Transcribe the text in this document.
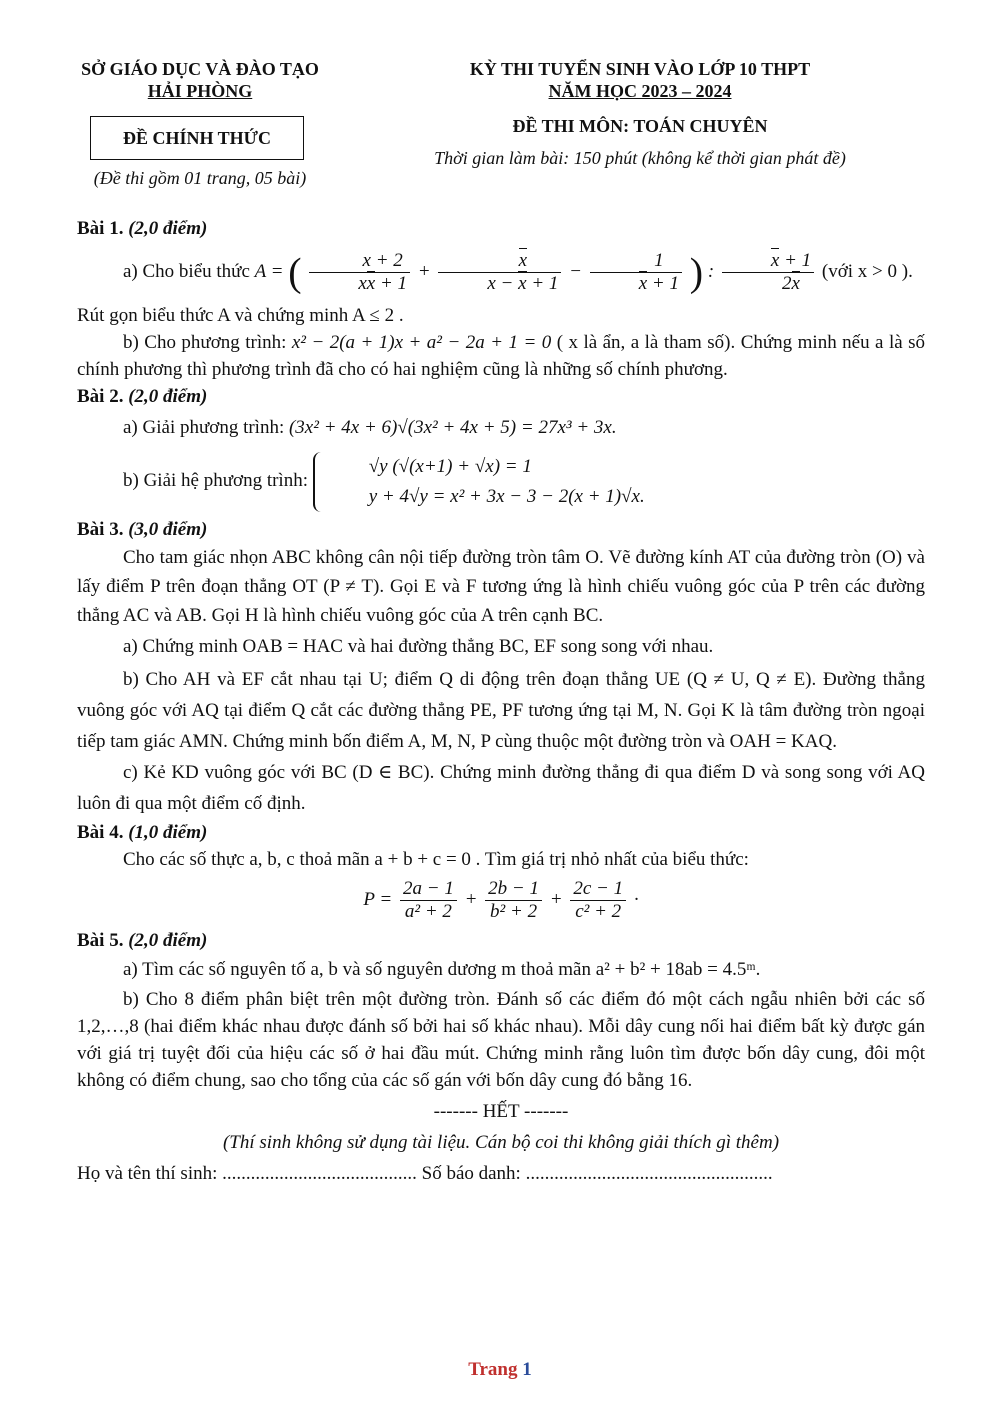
SỞ GIÁO DỤC VÀ ĐÀO TẠO
HẢI PHÒNG
KỲ THI TUYỂN SINH VÀO LỚP 10 THPT
NĂM HỌC 2023 – 2024
ĐỀ CHÍNH THỨC
(Đề thi gồm 01 trang, 05 bài)
ĐỀ THI MÔN: TOÁN CHUYÊN
Thời gian làm bài: 150 phút (không kể thời gian phát đề)

Bài 1. (2,0 điểm)

a) Cho biểu thức A = ( $\frac{x + 2}{xx + 1} + \frac{x}{x - x + 1} - \frac{1}{x + 1}$ ) : $\frac{x + 1}{2x}$ (với x > 0 ).

Rút gọn biểu thức A và chứng minh A ≤ 2 .

b) Cho phương trình: x² − 2(a + 1)x + a² − 2a + 1 = 0 ( x là ẩn, a là tham số). Chứng minh nếu a là số chính phương thì phương trình đã cho có hai nghiệm cũng là những số chính phương.

Bài 2. (2,0 điểm)

a) Giải phương trình: (3x² + 4x + 6)√(3x² + 4x + 5) = 27x³ + 3x.

b) Giải hệ phương trình:
√y (√(x+1) + √x) = 1
y + 4√y = x² + 3x − 3 − 2(x + 1)√x.

Bài 3. (3,0 điểm)

Cho tam giác nhọn ABC không cân nội tiếp đường tròn tâm O. Vẽ đường kính AT của đường tròn (O) và lấy điểm P trên đoạn thẳng OT (P ≠ T). Gọi E và F tương ứng là hình chiếu vuông góc của P trên các đường thẳng AC và AB. Gọi H là hình chiếu vuông góc của A trên cạnh BC.

a) Chứng minh OAB = HAC và hai đường thẳng BC, EF song song với nhau.

b) Cho AH và EF cắt nhau tại U; điểm Q di động trên đoạn thẳng UE (Q ≠ U, Q ≠ E). Đường thẳng vuông góc với AQ tại điểm Q cắt các đường thẳng PE, PF tương ứng tại M, N. Gọi K là tâm đường tròn ngoại tiếp tam giác AMN. Chứng minh bốn điểm A, M, N, P cùng thuộc một đường tròn và OAH = KAQ.

c) Kẻ KD vuông góc với BC (D ∈ BC). Chứng minh đường thẳng đi qua điểm D và song song với AQ luôn đi qua một điểm cố định.

Bài 4. (1,0 điểm)

Cho các số thực a, b, c thoả mãn a + b + c = 0 . Tìm giá trị nhỏ nhất của biểu thức:

$P = \frac{2a - 1}{\text{a² + 2}} + \frac{2b - 1}{\text{b² + 2}} + \frac{2c - 1}{\text{c² + 2}}$ ·

Bài 5. (2,0 điểm)

a) Tìm các số nguyên tố a, b và số nguyên dương m thoả mãn a² + b² + 18ab = 4.5ᵐ.

b) Cho 8 điểm phân biệt trên một đường tròn. Đánh số các điểm đó một cách ngẫu nhiên bởi các số 1,2,…,8 (hai điểm khác nhau được đánh số bởi hai số khác nhau). Mỗi dây cung nối hai điểm bất kỳ được gán với giá trị tuyệt đối của hiệu các số ở hai đầu mút. Chứng minh rằng luôn tìm được bốn dây cung, đôi một không có điểm chung, sao cho tổng của các số gán với bốn dây cung đó bằng 16.

------- HẾT -------

(Thí sinh không sử dụng tài liệu. Cán bộ coi thi không giải thích gì thêm)

Họ và tên thí sinh: ......................................... Số báo danh: ....................................................

Trang 1
